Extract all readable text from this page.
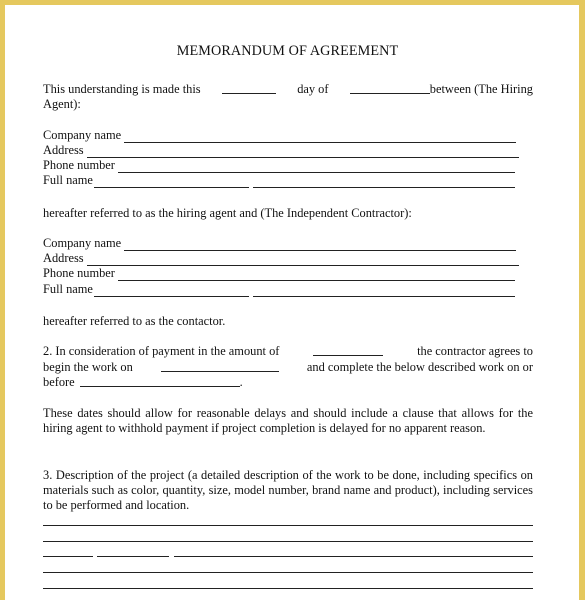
MEMORANDUM OF AGREEMENT
This understanding is made this	day of	between (The Hiring
Agent):
Company name
Address
Phone number
Full name
hereafter referred to as the hiring agent and (The Independent Contractor):
Company name
Address
Phone number
Full name
hereafter referred to as the contactor.
2. In consideration of payment in the amount of	the contractor agrees to
begin the work on	and complete the below described work on or
before	.
These dates should allow for reasonable delays and should include a clause that allows for the hiring agent to withhold payment if project completion is delayed for no apparent reason.
3. Description of the project (a detailed description of the work to be done, including specifics on materials such as color, quantity, size, model number, brand name and product), including services to be performed and location.
